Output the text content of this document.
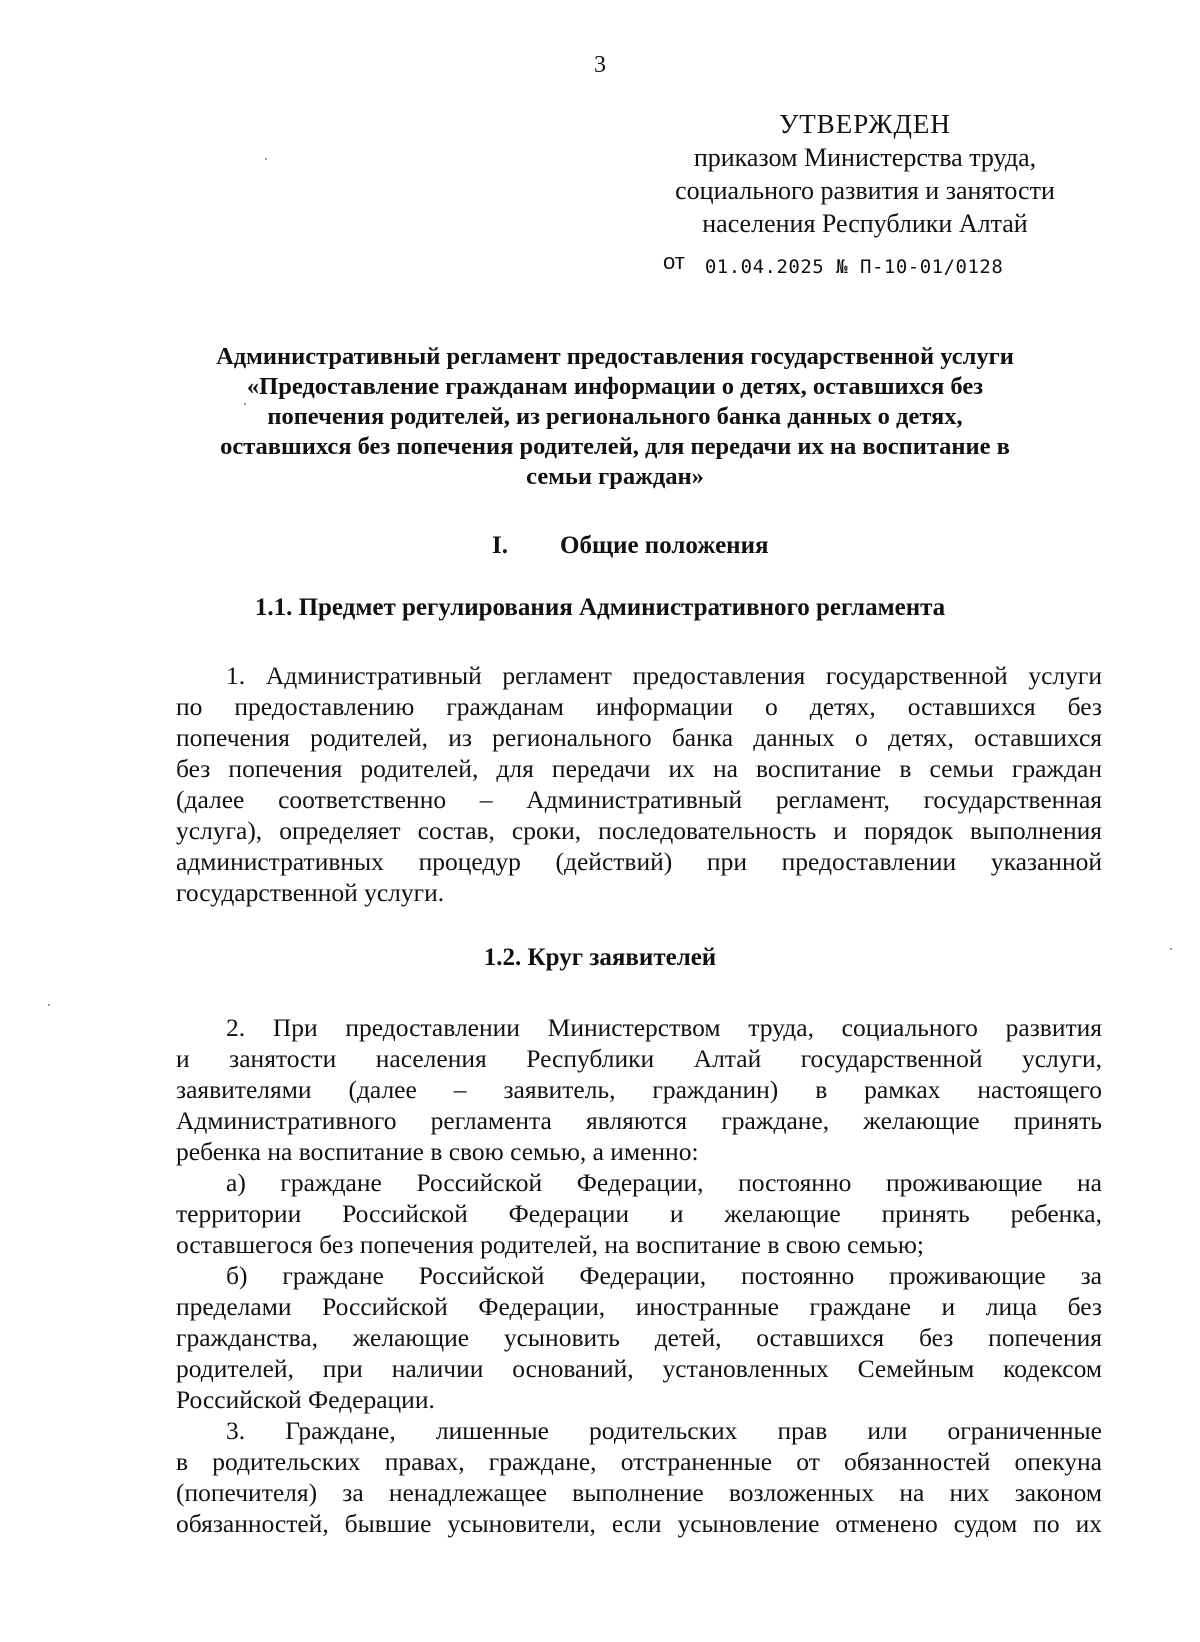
3
УТВЕРЖДЕН
приказом Министерства труда,
социального развития и занятости
населения Республики Алтай
от 01.04.2025 № П-10-01/0128
Административный регламент предоставления государственной услуги
«Предоставление гражданам информации о детях, оставшихся без
попечения родителей, из регионального банка данных о детях,
оставшихся без попечения родителей, для передачи их на воспитание в
семьи граждан»
I. Общие положения
1.1. Предмет регулирования Административного регламента
1. Административный регламент предоставления государственной услуги
по предоставлению гражданам информации о детях, оставшихся без
попечения родителей, из регионального банка данных о детях, оставшихся
без попечения родителей, для передачи их на воспитание в семьи граждан
(далее соответственно – Административный регламент, государственная
услуга), определяет состав, сроки, последовательность и порядок выполнения
административных процедур (действий) при предоставлении указанной
государственной услуги.
1.2. Круг заявителей
2. При предоставлении Министерством труда, социального развития
и занятости населения Республики Алтай государственной услуги,
заявителями (далее – заявитель, гражданин) в рамках настоящего
Административного регламента являются граждане, желающие принять
ребенка на воспитание в свою семью, а именно:
а) граждане Российской Федерации, постоянно проживающие на
территории Российской Федерации и желающие принять ребенка,
оставшегося без попечения родителей, на воспитание в свою семью;
б) граждане Российской Федерации, постоянно проживающие за
пределами Российской Федерации, иностранные граждане и лица без
гражданства, желающие усыновить детей, оставшихся без попечения
родителей, при наличии оснований, установленных Семейным кодексом
Российской Федерации.
3. Граждане, лишенные родительских прав или ограниченные
в родительских правах, граждане, отстраненные от обязанностей опекуна
(попечителя) за ненадлежащее выполнение возложенных на них законом
обязанностей, бывшие усыновители, если усыновление отменено судом по их
